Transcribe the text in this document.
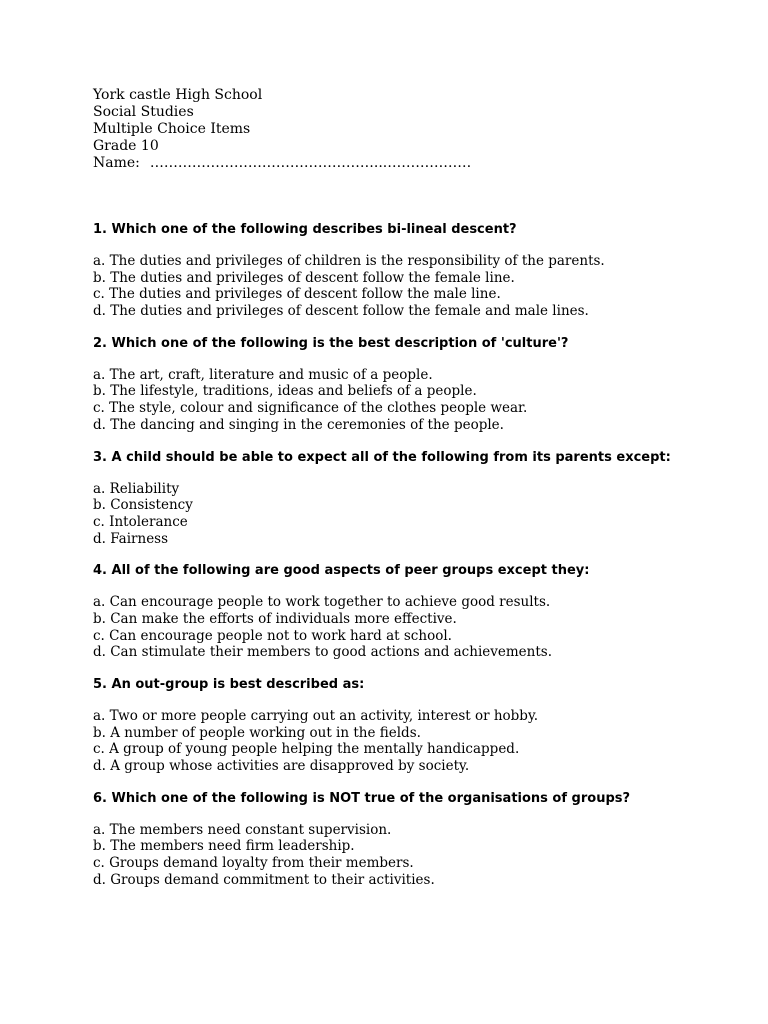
York castle High School
Social Studies
Multiple Choice Items
Grade 10
Name: …………………………………………...………………
1. Which one of the following describes bi-lineal descent?
a. The duties and privileges of children is the responsibility of the parents.
b. The duties and privileges of descent follow the female line.
c. The duties and privileges of descent follow the male line.
d. The duties and privileges of descent follow the female and male lines.
2. Which one of the following is the best description of 'culture'?
a. The art, craft, literature and music of a people.
b. The lifestyle, traditions, ideas and beliefs of a people.
c. The style, colour and significance of the clothes people wear.
d. The dancing and singing in the ceremonies of the people.
3. A child should be able to expect all of the following from its parents except:
a. Reliability
b. Consistency
c. Intolerance
d. Fairness
4. All of the following are good aspects of peer groups except they:
a. Can encourage people to work together to achieve good results.
b. Can make the efforts of individuals more effective.
c. Can encourage people not to work hard at school.
d. Can stimulate their members to good actions and achievements.
5. An out-group is best described as:
a. Two or more people carrying out an activity, interest or hobby.
b. A number of people working out in the fields.
c. A group of young people helping the mentally handicapped.
d. A group whose activities are disapproved by society.
6. Which one of the following is NOT true of the organisations of groups?
a. The members need constant supervision.
b. The members need firm leadership.
c. Groups demand loyalty from their members.
d. Groups demand commitment to their activities.
